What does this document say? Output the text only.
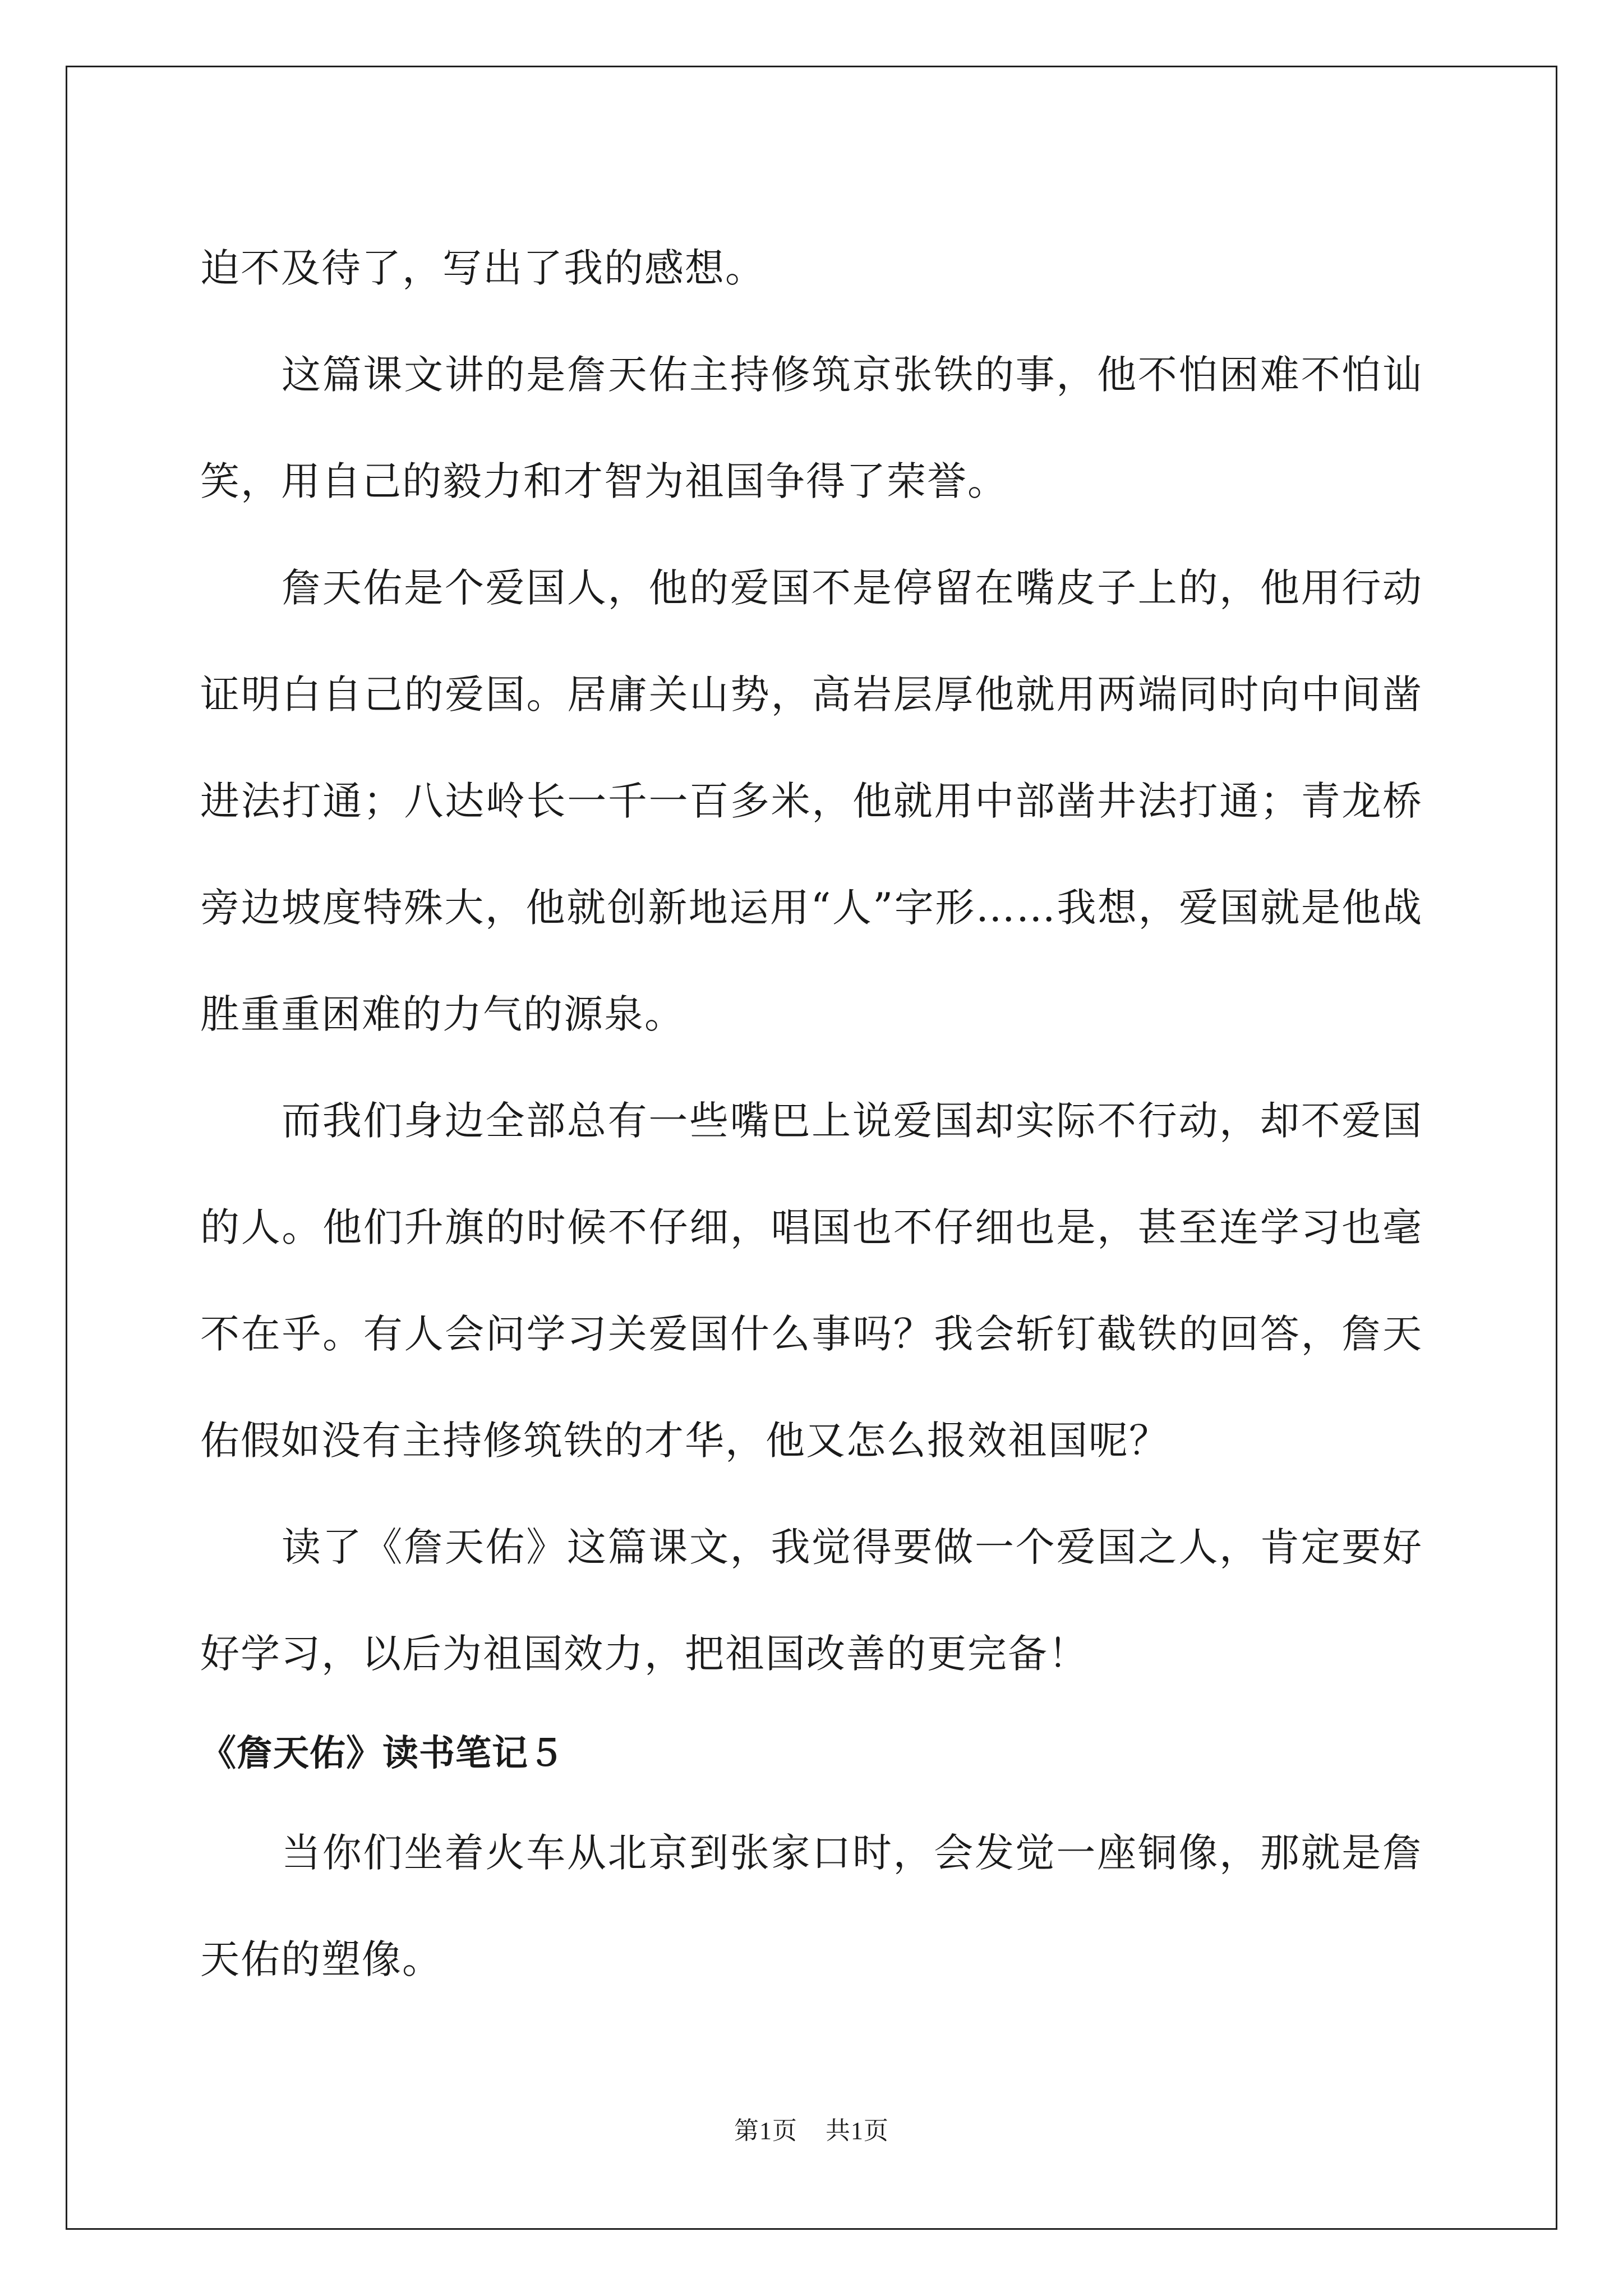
迫不及待了，写出了我的感想。

这篇课文讲的是詹天佑主持修筑京张铁的事，他不怕困难不怕讪笑，用自己的毅力和才智为祖国争得了荣誉。

詹天佑是个爱国人，他的爱国不是停留在嘴皮子上的，他用行动证明白自己的爱国。居庸关山势，高岩层厚他就用两端同时向中间凿进法打通；八达岭长一千一百多米，他就用中部凿井法打通；青龙桥旁边坡度特殊大，他就创新地运用“人”字形……我想，爱国就是他战胜重重困难的力气的源泉。

而我们身边全部总有一些嘴巴上说爱国却实际不行动，却不爱国的人。他们升旗的时候不仔细，唱国也不仔细也是，甚至连学习也毫不在乎。有人会问学习关爱国什么事吗？我会斩钉截铁的回答，詹天佑假如没有主持修筑铁的才华，他又怎么报效祖国呢？

读了《詹天佑》这篇课文，我觉得要做一个爱国之人，肯定要好好学习，以后为祖国效力，把祖国改善的更完备！

《詹天佑》读书笔记５

当你们坐着火车从北京到张家口时，会发觉一座铜像，那就是詹天佑的塑像。

第1页 共1页
